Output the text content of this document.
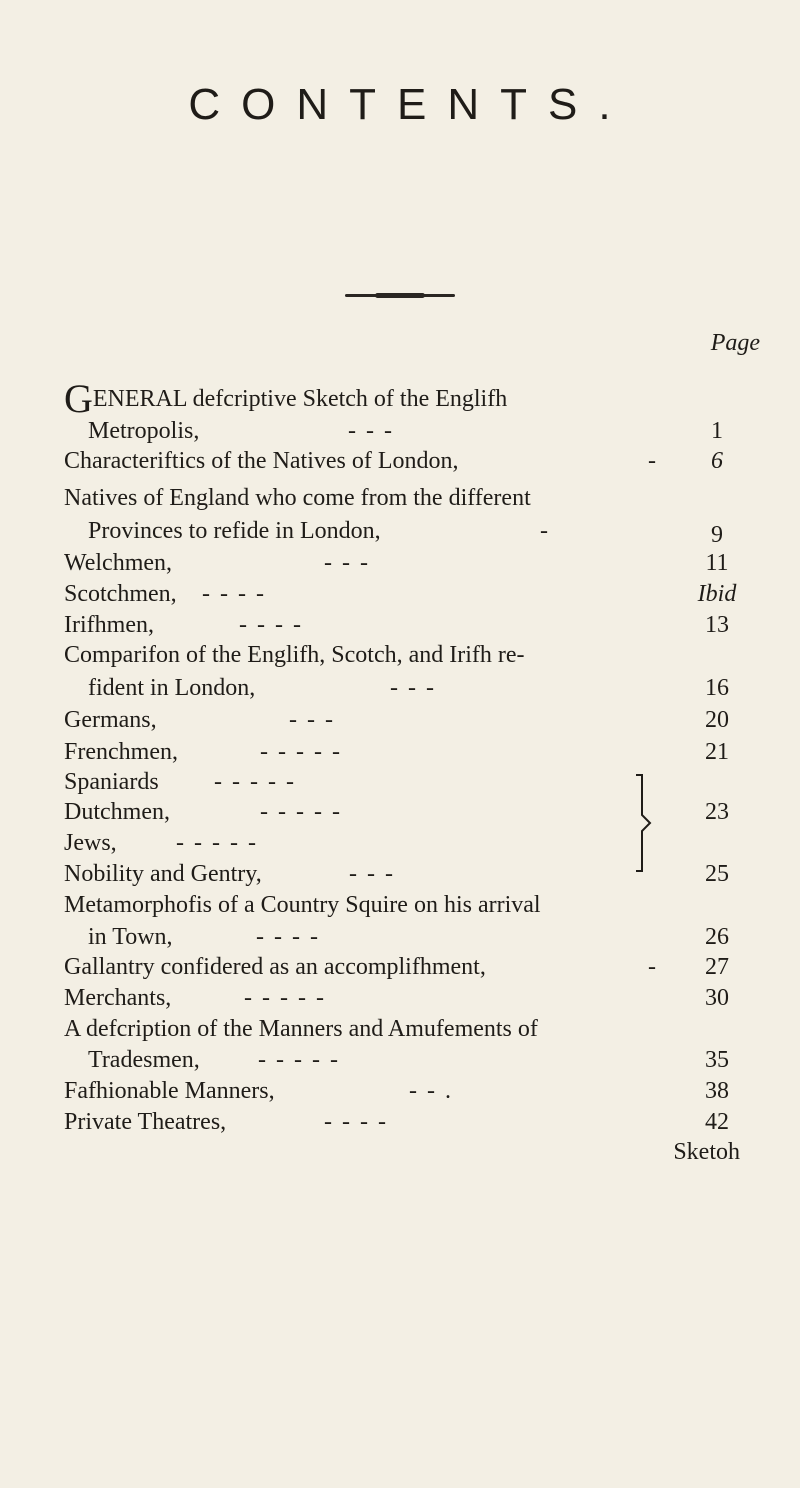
CONTENTS.
Page
GENERAL defcriptive Sketch of the Englifh
Metropolis,	- - -	1
Characteriftics of the Natives of London,	-	6
Natives of England who come from the different
Provinces to refide in London,	-	9
Welchmen,	- - -	11
Scotchmen, - - - -	Ibid
Irifhmen,	- - - -	13
Comparifon of the Englifh, Scotch, and Irifh re-
fident in London,	- - -	16
Germans,	- - -	20
Frenchmen,	- - - - -	21
Spaniards - - - - -
Dutchmen,	- - - - -	23
Jews, - - - - -
Nobility and Gentry,	- - -	25
Metamorphofis of a Country Squire on his arrival
in Town,	- - - -	26
Gallantry confidered as an accomplifhment,	-	27
Merchants,	- - - - -	30
A defcription of the Manners and Amufements of
Tradesmen, - - - - -	35
Fafhionable Manners,	- - .	38
Private Theatres,	- - - -	42
Sketoh
